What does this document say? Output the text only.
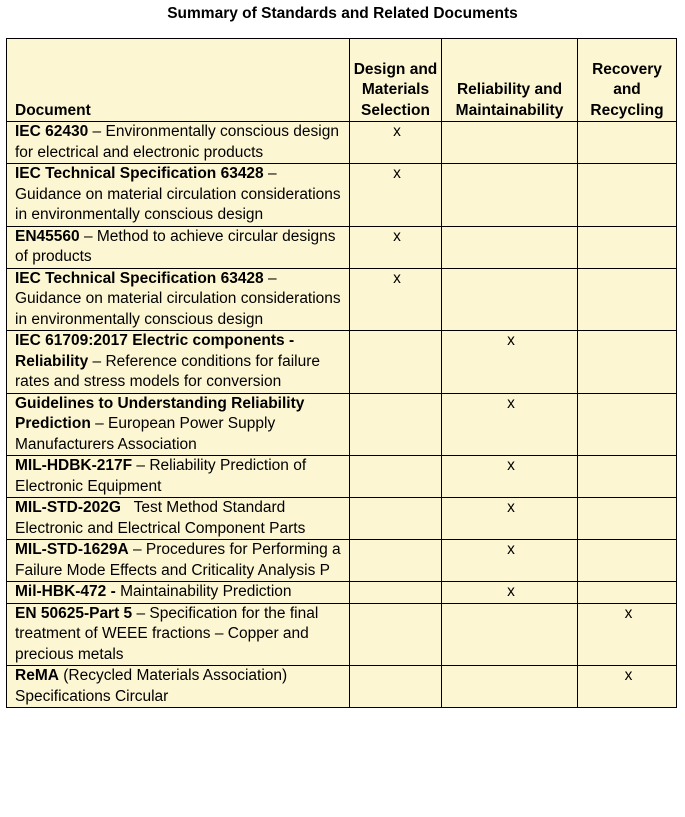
Summary of Standards and Related Documents
Document	Design and Materials Selection	Reliability and Maintainability	Recovery and Recycling
IEC 62430 – Environmentally conscious design for electrical and electronic products	x		
IEC Technical Specification 63428 – Guidance on material circulation considerations in environmentally conscious design	x		
EN45560 – Method to achieve circular designs of products	x		
IEC Technical Specification 63428 – Guidance on material circulation considerations in environmentally conscious design	x		
IEC 61709:2017 Electric components - Reliability – Reference conditions for failure rates and stress models for conversion		x	
Guidelines to Understanding Reliability Prediction – European Power Supply Manufacturers Association		x	
MIL-HDBK-217F – Reliability Prediction of Electronic Equipment		x	
MIL-STD-202G   Test Method Standard Electronic and Electrical Component Parts		x	
MIL-STD-1629A – Procedures for Performing a Failure Mode Effects and Criticality Analysis P		x	
Mil-HBK-472 - Maintainability Prediction		x	
EN 50625-Part 5 – Specification for the final treatment of WEEE fractions – Copper and precious metals			x
ReMA (Recycled Materials Association) Specifications Circular			x
